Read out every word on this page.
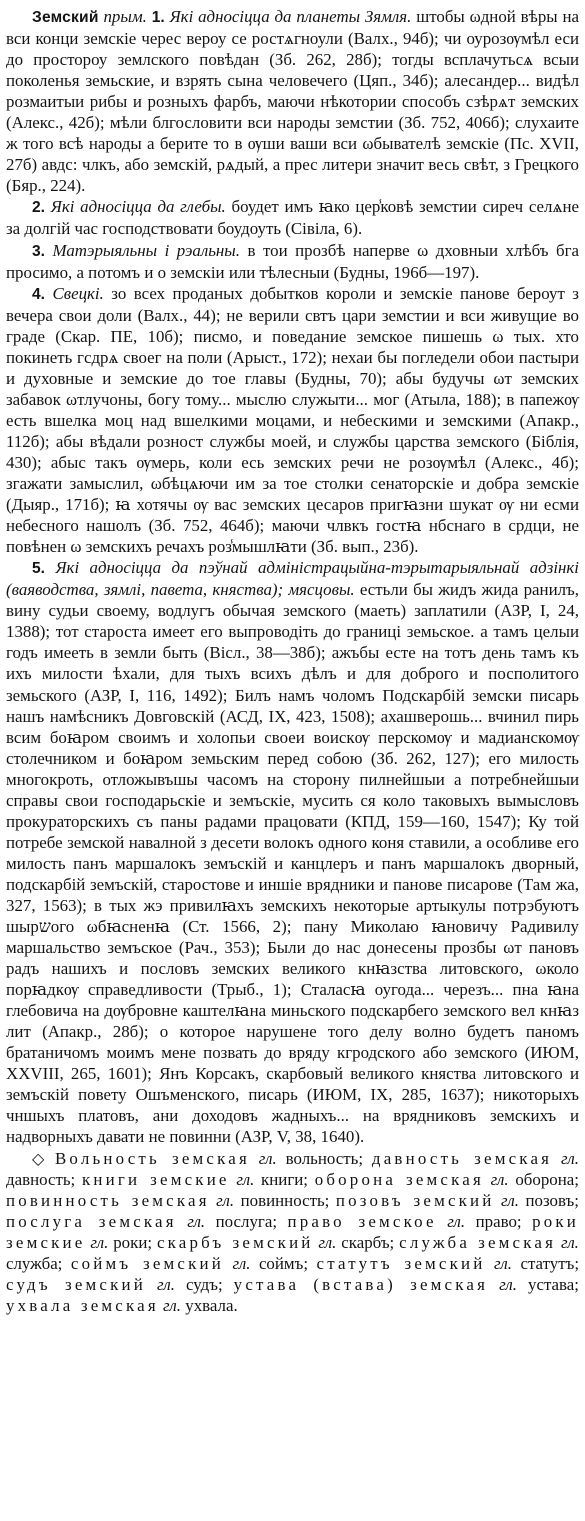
Земский прым. 1. Які адносіцца да планеты Зямля. штобы ωдной вѣры на вси конци земскіе черес вероу се ростѧгноули (Валх., 94б); чи оурозѹмѣл еси до простороу землского повѣдан (Зб. 262, 28б); тогды всплачутьсѧ всыи поколенья земьские, и взрять сына человечего (Цяп., 34б); алесандер... видѣл розмаитыи рибы и розныхъ фарбъ, маючи нѣкотории способъ сзѣрѧт земских (Алекс., 42б); мѣли блгословити вси народы земстии (Зб. 752, 406б); слухаите ж того всѣ народы а берите то в ѹши ваши вси ωбывателѣ земскіе (Пс. XVII, 27б) авдс: члкъ, або земскій, рѧдый, а прес литери значит весь свѣт, з Грецкого (Бяр., 224).

2. Які адносіцца да глебы. боудет имъ ꙗко цер̾ковѣ земстии сиреч селѧне за долгій час господствовати боудоуть (Сівіла, 6).

3. Матэрыяльны і рэальны. в тои прозбѣ наперве ω дховныи хлѣбъ бга просимо, а потомъ и о земскіи или тѣлесныи (Будны, 196б—197).

4. Свецкі. зо всех проданых добытков короли и земскіе панове бероут з вечера свои доли (Валх., 44); не верили свтъ цари земстии и вси живущие во граде (Скар. ПЕ, 10б); писмо, и поведание земское пишешь ω тых. хто покинеть гсдрѧ своег на поли (Арыст., 172); нехаи бы погледели обои пастыри и духовные и земские до тое главы (Будны, 70); абы будучы ωт земских забавок ωтлучоны, богу тому... мыслю служыти... мог (Атыла, 188); в папежѹ есть вшелка моц над вшелкими моцами, и небескими и земскими (Апакр., 112б); абы вѣдали розност службы моей, и службы царства земского (Біблія, 430); абыс такъ ѹмерь, коли есь земских речи не розѹмѣл (Алекс., 4б); згажати замыслил, ωбѣцѧючи им за тое столки сенаторскіе и добра земскіе (Дыяр., 171б); ꙗ хотячы ѹ вас земских цесаров пригꙗзни шукат ѹ ни есми небесного нашолъ (Зб. 752, 464б); маючи члвкъ гостꙗ нбснаго в срдци, не повѣнен ω земскихъ речахъ роз̾мышлꙗти (Зб. вып., 23б).

5. Які адносіцца да пэўнай адміністрацыйна-тэрытарыяльнай адзінкі (ваяводства, зямлі, павета, княства); мясцовы. естьли бы жидъ жида ранилъ, вину судьи своему, водлугъ обычая земского (маеть) заплатили (АЗР, I, 24, 1388); тот староста имеет его выпроводіть до границі земьское. а тамъ целыи годъ имееть в земли быть (Вісл., 38—38б); ажъбы есте на тотъ день тамъ къ ихъ милости ѣхали, для тыхъ всихъ дѣлъ и для доброго и посполитого земьского (АЗР, I, 116, 1492); Билъ намъ чоломъ Подскарбій земски писарь нашъ намѣсникъ Довговскій (АСД, IX, 423, 1508); ахашверошь... вчинил пирь всим боꙗром своимъ и холопьи своеи воискѹ перскомѹ и мадианскомѹ столечником и боꙗром земьским перед собою (Зб. 262, 127); его милость многокроть, отложывъшы часомъ на сторону пилнейшыи а потребнейшыи справы свои господарьскіе и земъскіе, мусить ся коло таковыхъ вымысловъ прокураторскихъ съ паны радами працовати (КПД, 159—160, 1547); Ку той потребе земской навалной з десети волокъ одного коня ставили, а особливе его милость панъ маршалокъ земъскій и канцлеръ и панъ маршалокъ дворный, подскарбій земъскій, старостове и иншіе врядники и панове писарове (Там жа, 327, 1563); в тых жэ привилꙗхъ земскихъ некоторые артыкулы потрэбуютъ шырשого ωбꙗсненꙗ (Ст. 1566, 2); пану Миколаю ꙗновичу Радивилу маршальство земъское (Рач., 353); Были до нас донесены прозбы ωт пановъ радъ нашихъ и пословъ земских великого кнꙗзства литовского, ωколо порꙗдкѹ справедливости (Трыб., 1); Сталасꙗ оугода... черезъ... пна ꙗна глебовича на дѹбровне каштелꙗна миньского подскарбего земского вел кнꙗз лит (Апакр., 28б); о которое нарушене того делу волно будетъ паномъ братаничомъ моимъ мене позвать до вряду кгродского або земского (ИЮМ, XXVIII, 265, 1601); Янъ Корсакъ, скарбовый великого княства литовского и земъскій повету Ошъменского, писарь (ИЮМ, IX, 285, 1637); никоторыхъ чншыхъ платовъ, ани доходовъ жадныхъ... на врядниковъ земскихъ и надворныхъ давати не повинни (АЗР, V, 38, 1640).

◇ Вольность земская гл. вольность; давность земская гл. давность; книги земские гл. книги; оборона земская гл. оборона; повинность земская гл. повинность; позовъ земский гл. позовъ; послуга земская гл. послуга; право земское гл. право; роки земские гл. роки; скарбъ земский гл. скарбъ; служба земская гл. служба; соймъ земский гл. соймъ; статутъ земский гл. статутъ; судъ земский гл. судъ; устава (встава) земская гл. устава; ухвала земская гл. ухвала.
